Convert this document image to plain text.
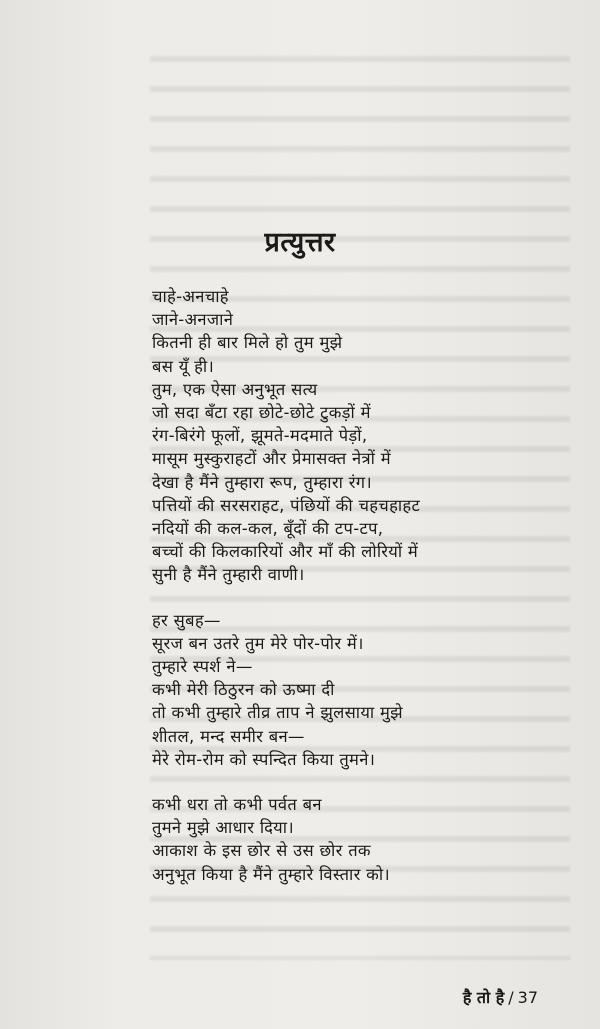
प्रत्युत्तर
चाहे-अनचाहे
जाने-अनजाने
कितनी ही बार मिले हो तुम मुझे
बस यूँ ही।
तुम, एक ऐसा अनुभूत सत्य
जो सदा बँटा रहा छोटे-छोटे टुकड़ों में
रंग-बिरंगे फूलों, झूमते-मदमाते पेड़ों,
मासूम मुस्कुराहटों और प्रेमासक्त नेत्रों में
देखा है मैंने तुम्हारा रूप, तुम्हारा रंग।
पत्तियों की सरसराहट, पंछियों की चहचहाहट
नदियों की कल-कल, बूँदों की टप-टप,
बच्चों की किलकारियों और माँ की लोरियों में
सुनी है मैंने तुम्हारी वाणी।
हर सुबह—
सूरज बन उतरे तुम मेरे पोर-पोर में।
तुम्हारे स्पर्श ने—
कभी मेरी ठिठुरन को ऊष्मा दी
तो कभी तुम्हारे तीव्र ताप ने झुलसाया मुझे
शीतल, मन्द समीर बन—
मेरे रोम-रोम को स्पन्दित किया तुमने।
कभी धरा तो कभी पर्वत बन
तुमने मुझे आधार दिया।
आकाश के इस छोर से उस छोर तक
अनुभूत किया है मैंने तुम्हारे विस्तार को।
है तो है / 37
